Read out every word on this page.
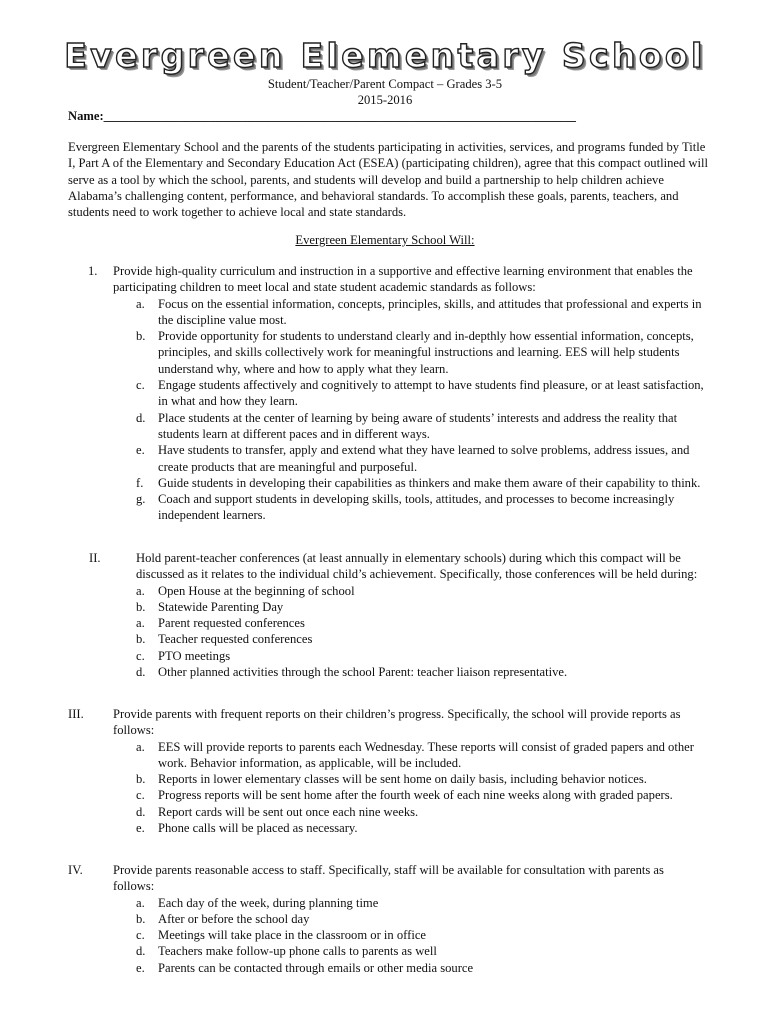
Evergreen Elementary School
Student/Teacher/Parent Compact – Grades 3-5
2015-2016
Name:___________________________________________________________________________
Evergreen Elementary School and the parents of the students participating in activities, services, and programs funded by Title I, Part A of the Elementary and Secondary Education Act (ESEA) (participating children), agree that this compact outlined will serve as a tool by which the school, parents, and students will develop and build a partnership to help children achieve Alabama’s challenging content, performance, and behavioral standards. To accomplish these goals, parents, teachers, and students need to work together to achieve local and state standards.
Evergreen Elementary School Will:
1. Provide high-quality curriculum and instruction in a supportive and effective learning environment that enables the participating children to meet local and state student academic standards as follows:
a. Focus on the essential information, concepts, principles, skills, and attitudes that professional and experts in the discipline value most.
b. Provide opportunity for students to understand clearly and in-depthly how essential information, concepts, principles, and skills collectively work for meaningful instructions and learning. EES will help students understand why, where and how to apply what they learn.
c. Engage students affectively and cognitively to attempt to have students find pleasure, or at least satisfaction, in what and how they learn.
d. Place students at the center of learning by being aware of students’ interests and address the reality that students learn at different paces and in different ways.
e. Have students to transfer, apply and extend what they have learned to solve problems, address issues, and create products that are meaningful and purposeful.
f. Guide students in developing their capabilities as thinkers and make them aware of their capability to think.
g. Coach and support students in developing skills, tools, attitudes, and processes to become increasingly independent learners.
II.	Hold parent-teacher conferences (at least annually in elementary schools) during which this compact will be discussed as it relates to the individual child’s achievement. Specifically, those conferences will be held during:
a. Open House at the beginning of school
b. Statewide Parenting Day
a. Parent requested conferences
b. Teacher requested conferences
c. PTO meetings
d. Other planned activities through the school Parent: teacher liaison representative.
III. Provide parents with frequent reports on their children’s progress. Specifically, the school will provide reports as follows:
a. EES will provide reports to parents each Wednesday. These reports will consist of graded papers and other work. Behavior information, as applicable, will be included.
b. Reports in lower elementary classes will be sent home on daily basis, including behavior notices.
c. Progress reports will be sent home after the fourth week of each nine weeks along with graded papers.
d. Report cards will be sent out once each nine weeks.
e. Phone calls will be placed as necessary.
IV. Provide parents reasonable access to staff. Specifically, staff will be available for consultation with parents as follows:
a. Each day of the week, during planning time
b. After or before the school day
c. Meetings will take place in the classroom or in office
d. Teachers make follow-up phone calls to parents as well
e. Parents can be contacted through emails or other media source
